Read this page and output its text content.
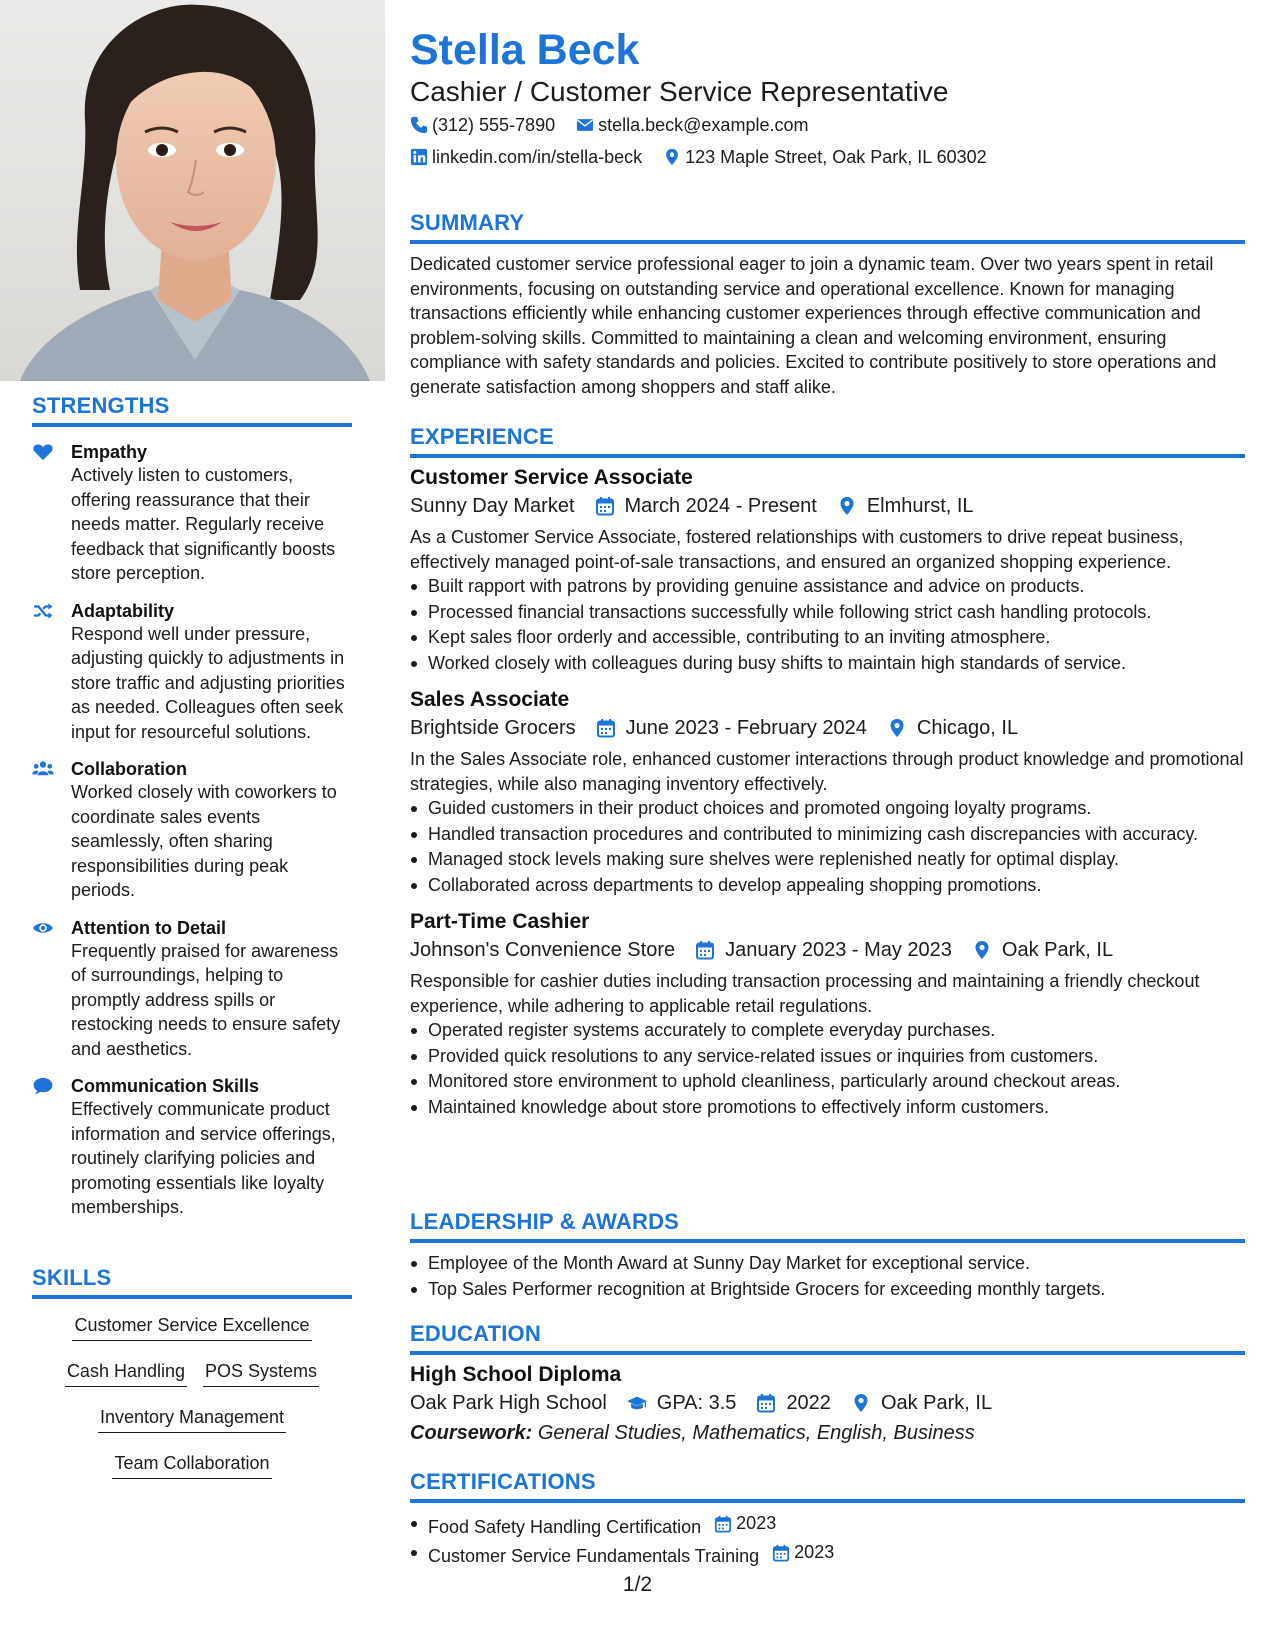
STRENGTHS
Empathy
Actively listen to customers, offering reassurance that their needs matter. Regularly receive feedback that significantly boosts store perception.
Adaptability
Respond well under pressure, adjusting quickly to adjustments in store traffic and adjusting priorities as needed. Colleagues often seek input for resourceful solutions.
Collaboration
Worked closely with coworkers to coordinate sales events seamlessly, often sharing responsibilities during peak periods.
Attention to Detail
Frequently praised for awareness of surroundings, helping to promptly address spills or restocking needs to ensure safety and aesthetics.
Communication Skills
Effectively communicate product information and service offerings, routinely clarifying policies and promoting essentials like loyalty memberships.
SKILLS
Customer Service Excellence
Cash Handling POS Systems
Inventory Management
Team Collaboration
Stella Beck
Cashier / Customer Service Representative
(312) 555-7890
stella.beck@example.com
linkedin.com/in/stella-beck
123 Maple Street, Oak Park, IL 60302
SUMMARY
Dedicated customer service professional eager to join a dynamic team. Over two years spent in retail environments, focusing on outstanding service and operational excellence. Known for managing transactions efficiently while enhancing customer experiences through effective communication and problem-solving skills. Committed to maintaining a clean and welcoming environment, ensuring compliance with safety standards and policies. Excited to contribute positively to store operations and generate satisfaction among shoppers and staff alike.
EXPERIENCE
Customer Service Associate
Sunny Day Market	March 2024 - Present	Elmhurst, IL
As a Customer Service Associate, fostered relationships with customers to drive repeat business, effectively managed point-of-sale transactions, and ensured an organized shopping experience.
Built rapport with patrons by providing genuine assistance and advice on products.
Processed financial transactions successfully while following strict cash handling protocols.
Kept sales floor orderly and accessible, contributing to an inviting atmosphere.
Worked closely with colleagues during busy shifts to maintain high standards of service.
Sales Associate
Brightside Grocers	June 2023 - February 2024	Chicago, IL
In the Sales Associate role, enhanced customer interactions through product knowledge and promotional strategies, while also managing inventory effectively.
Guided customers in their product choices and promoted ongoing loyalty programs.
Handled transaction procedures and contributed to minimizing cash discrepancies with accuracy.
Managed stock levels making sure shelves were replenished neatly for optimal display.
Collaborated across departments to develop appealing shopping promotions.
Part-Time Cashier
Johnson's Convenience Store	January 2023 - May 2023	Oak Park, IL
Responsible for cashier duties including transaction processing and maintaining a friendly checkout experience, while adhering to applicable retail regulations.
Operated register systems accurately to complete everyday purchases.
Provided quick resolutions to any service-related issues or inquiries from customers.
Monitored store environment to uphold cleanliness, particularly around checkout areas.
Maintained knowledge about store promotions to effectively inform customers.
LEADERSHIP & AWARDS
Employee of the Month Award at Sunny Day Market for exceptional service.
Top Sales Performer recognition at Brightside Grocers for exceeding monthly targets.
EDUCATION
High School Diploma
Oak Park High School	GPA: 3.5	2022	Oak Park, IL
Coursework: General Studies, Mathematics, English, Business
CERTIFICATIONS
Food Safety Handling Certification 2023
Customer Service Fundamentals Training 2023
1/2
